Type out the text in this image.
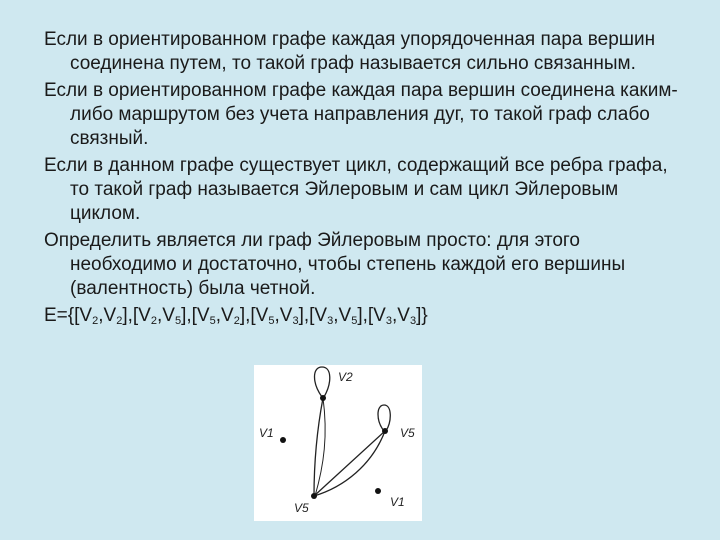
Если в ориентированном графе каждая упорядоченная пара вершин соединена путем, то такой граф называется сильно связанным.

Если в ориентированном графе каждая пара вершин соединена каким-либо маршрутом без учета направления дуг, то такой граф слабо связный.

Если в данном графе существует цикл, содержащий все ребра графа, то такой граф называется Эйлеровым и сам цикл Эйлеровым циклом.

Определить является ли граф Эйлеровым просто: для этого необходимо и достаточно, чтобы степень каждой его вершины (валентность) была четной.

$E=\{[V_2,V_2],[V_2,V_5],[V_5,V_2],[V_5,V_3],[V_3,V_5],[V_3,V_3]\}$

V2
V1	V5
V5	V1
